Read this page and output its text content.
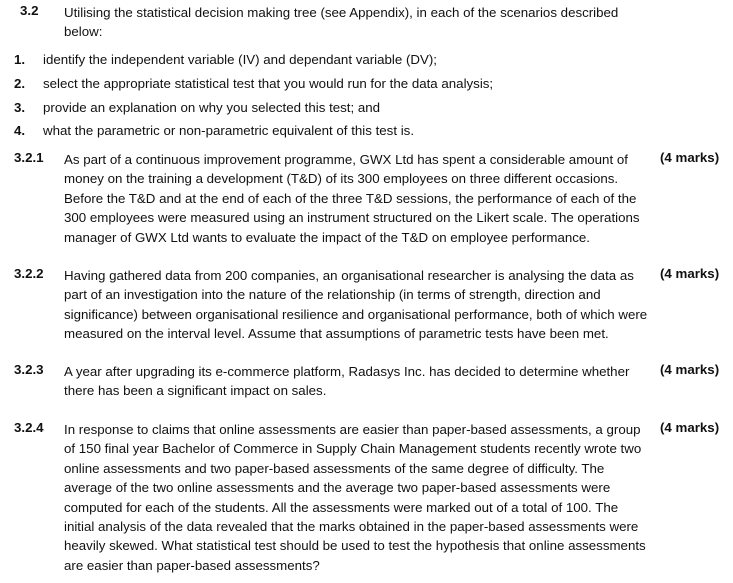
3.2 Utilising the statistical decision making tree (see Appendix), in each of the scenarios described
below:
1. identify the independent variable (IV) and dependant variable (DV);
2. select the appropriate statistical test that you would run for the data analysis;
3. provide an explanation on why you selected this test; and
4. what the parametric or non-parametric equivalent of this test is.
3.2.1 As part of a continuous improvement programme, GWX Ltd has spent a considerable amount of
money on the training a development (T&D) of its 300 employees on three different occasions.
Before the T&D and at the end of each of the three T&D sessions, the performance of each of the
300 employees were measured using an instrument structured on the Likert scale. The operations
manager of GWX Ltd wants to evaluate the impact of the T&D on employee performance.
(4 marks)
3.2.2 Having gathered data from 200 companies, an organisational researcher is analysing the data as
part of an investigation into the nature of the relationship (in terms of strength, direction and
significance) between organisational resilience and organisational performance, both of which were
measured on the interval level. Assume that assumptions of parametric tests have been met.
(4 marks)
3.2.3 A year after upgrading its e-commerce platform, Radasys Inc. has decided to determine whether
there has been a significant impact on sales.
(4 marks)
3.2.4 In response to claims that online assessments are easier than paper-based assessments, a group
of 150 final year Bachelor of Commerce in Supply Chain Management students recently wrote two
online assessments and two paper-based assessments of the same degree of difficulty. The
average of the two online assessments and the average two paper-based assessments were
computed for each of the students. All the assessments were marked out of a total of 100. The
initial analysis of the data revealed that the marks obtained in the paper-based assessments were
heavily skewed. What statistical test should be used to test the hypothesis that online assessments
are easier than paper-based assessments?
(4 marks)
